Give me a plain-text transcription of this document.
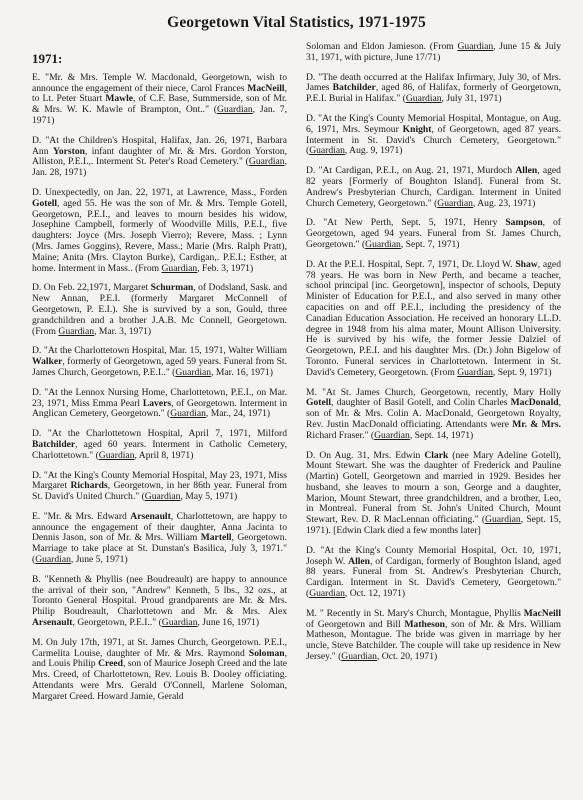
Georgetown Vital Statistics, 1971-1975
1971:

E. "Mr. & Mrs. Temple W. Macdonald, Georgetown, wish to announce the engagement of their niece, Carol Frances MacNeill, to Lt. Peter Stuart Mawle, of C.F. Base, Summerside, son of Mr. & Mrs. W. K. Mawle of Brampton, Ont.." (Guardian, Jan. 7, 1971)

D. "At the Children's Hospital, Halifax, Jan. 26, 1971, Barbara Ann Yorston, infant daughter of Mr. & Mrs. Gordon Yorston, Alliston, P.E.I.,. Interment St. Peter's Road Cemetery." (Guardian, Jan. 28, 1971)

D. Unexpectedly, on Jan. 22, 1971, at Lawrence, Mass., Forden Gotell, aged 55. He was the son of Mr. & Mrs. Temple Gotell, Georgetown, P.E.I., and leaves to mourn besides his widow, Josephine Campbell, formerly of Woodville Mills, P.E.I., five daughters: Joyce (Mrs. Joseph Vierro); Revere, Mass. ; Lynn (Mrs. James Goggins), Revere, Mass.; Marie (Mrs. Ralph Pratt), Maine; Anita (Mrs. Clayton Burke), Cardigan,. P.E.I.; Esther, at home. Interment in Mass.. (From Guardian, Feb. 3, 1971)

D. On Feb. 22,1971, Margaret Schurman, of Dodsland, Sask. and New Annan, P.E.I. (formerly Margaret McConnell of Georgetown, P. E.I.). She is survived by a son, Gould, three grandchildren and a brother J.A.B. Mc Connell, Georgetown. (From Guardian, Mar. 3, 1971)

D. "At the Charlottetown Hospital, Mar. 15, 1971, Walter William Walker, formerly of Georgetown, aged 59 years. Funeral from St. James Church, Georgetown, P.E.I.." (Guardian, Mar. 16, 1971)

D. "At the Lennox Nursing Home, Charlottetown, P.E.I., on Mar. 23, 1971, Miss Emma Pearl Lavers, of Georgetown. Interment in Anglican Cemetery, Georgetown." (Guardian, Mar., 24, 1971)

D. "At the Charlottetown Hospital, April 7, 1971, Milford Batchilder, aged 60 years. Interment in Catholic Cemetery, Charlottetown." (Guardian, April 8, 1971)

D. "At the King's County Memorial Hospital, May 23, 1971, Miss Margaret Richards, Georgetown, in her 86th year. Funeral from St. David's United Church." (Guardian, May 5, 1971)

E. "Mr. & Mrs. Edward Arsenault, Charlottetown, are happy to announce the engagement of their daughter, Anna Jacinta to Dennis Jason, son of Mr. & Mrs. William Martell, Georgetown. Marriage to take place at St. Dunstan's Basilica, July 3, 1971." (Guardian, June 5, 1971)

B. "Kenneth & Phyllis (nee Boudreault) are happy to announce the arrival of their son, "Andrew" Kenneth, 5 lbs., 32 ozs., at Toronto General Hospital. Proud grandparents are Mr. & Mrs. Philip Boudreault, Charlottetown and Mr. & Mrs. Alex Arsenault, Georgetown, P.E.I.." (Guardian, June 16, 1971)

M. On July 17th, 1971, at St. James Church, Georgetown. P.E.I., Carmelita Louise, daughter of Mr. & Mrs. Raymond Soloman, and Louis Philip Creed, son of Maurice Joseph Creed and the late Mrs. Creed, of Charlottetown, Rev. Louis B. Dooley officiating. Attendants were Mrs. Gerald O'Connell, Marlene Soloman, Margaret Creed. Howard Jamie, Gerald

Soloman and Eldon Jamieson. (From Guardian, June 15 & July 31, 1971, with picture, June 17/71)

D. "The death occurred at the Halifax Infirmary, July 30, of Mrs. James Batchilder, aged 86, of Halifax, formerly of Georgetown, P.E.I. Burial in Halifax." (Guardian, July 31, 1971)

D. "At the King's County Memorial Hospital, Montague, on Aug. 6, 1971, Mrs. Seymour Knight, of Georgetown, aged 87 years. Interment in St. David's Church Cemetery, Georgetown." (Guardian, Aug. 9, 1971)

D. "At Cardigan, P.E.I., on Aug. 21, 1971, Murdoch Allen, aged 82 years [Formerly of Boughton Island]. Funeral from St. Andrew's Presbyterian Church, Cardigan. Interment in United Church Cemetery, Georgetown." (Guardian, Aug. 23, 1971)

D. "At New Perth, Sept. 5, 1971, Henry Sampson, of Georgetown, aged 94 years. Funeral from St. James Church, Georgetown." (Guardian, Sept. 7, 1971)

D. At the P.E.I. Hospital, Sept. 7, 1971, Dr. Lloyd W. Shaw, aged 78 years. He was born in New Perth, and became a teacher, school principal [inc. Georgetown], inspector of schools, Deputy Minister of Education for P.E.I., and also served in many other capacities on and off P.E.I., including the presidency of the Canadian Education Association. He received an honorary LL.D. degree in 1948 from his alma mater, Mount Allison University. He is survived by his wife, the former Jessie Dalziel of Georgetown, P.E.I. and his daughter Mrs. (Dr.) John Bigelow of Toronto. Funeral services in Charlottetown. Interment in St. David's Cemetery, Georgetown. (From Guardian, Sept. 9, 1971)

M. "At St. James Church, Georgetown, recently, Mary Holly Gotell, daughter of Basil Gotell, and Colin Charles MacDonald, son of Mr. & Mrs. Colin A. MacDonald, Georgetown Royalty, Rev. Justin MacDonald officiating. Attendants were Mr. & Mrs. Richard Fraser." (Guardian, Sept. 14, 1971)

D. On Aug. 31, Mrs. Edwin Clark (nee Mary Adeline Gotell), Mount Stewart. She was the daughter of Frederick and Pauline (Martin) Gotell, Georgetown and married in 1929. Besides her husband, she leaves to mourn a son, George and a daughter, Marion, Mount Stewart, three grandchildren, and a brother, Leo, in Montreal. Funeral from St. John's United Church, Mount Stewart, Rev. D. R MacLennan officiating." (Guardian, Sept. 15, 1971). [Edwin Clark died a few months later]

D. "At the King's County Memorial Hospital, Oct. 10, 1971, Joseph W. Allen, of Cardigan, formerly of Boughton Island, aged 88 years. Funeral from St. Andrew's Presbyterian Church, Cardigan. Interment in St. David's Cemetery, Georgetown." (Guardian, Oct. 12, 1971)

M. " Recently in St. Mary's Church, Montague, Phyllis MacNeill of Georgetown and Bill Matheson, son of Mr. & Mrs. William Matheson, Montague. The bride was given in marriage by her uncle, Steve Batchilder. The couple will take up residence in New Jersey." (Guardian, Oct. 20, 1971)
